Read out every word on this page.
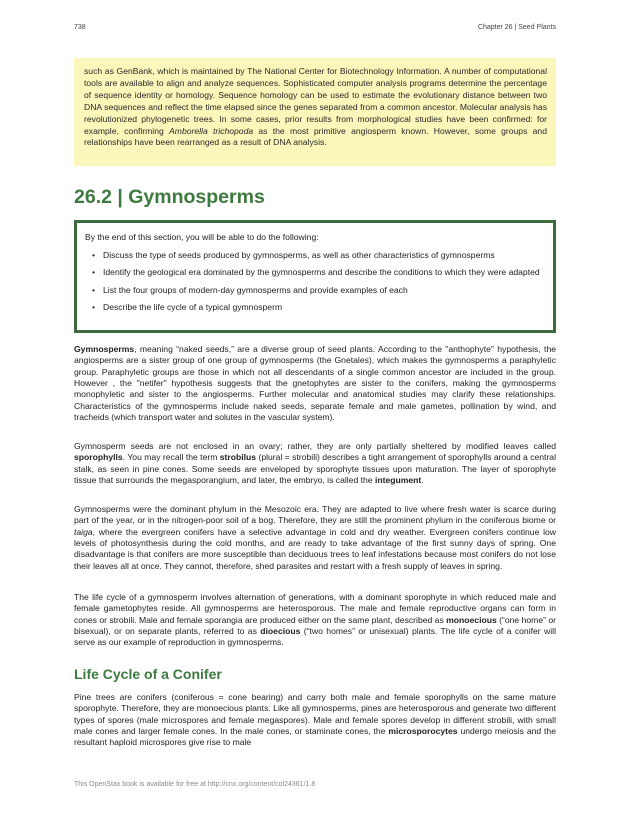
738	Chapter 26 | Seed Plants

such as GenBank, which is maintained by The National Center for Biotechnology Information. A number of computational tools are available to align and analyze sequences. Sophisticated computer analysis programs determine the percentage of sequence identity or homology. Sequence homology can be used to estimate the evolutionary distance between two DNA sequences and reflect the time elapsed since the genes separated from a common ancestor. Molecular analysis has revolutionized phylogenetic trees. In some cases, prior results from morphological studies have been confirmed: for example, confirming Amborella trichopoda as the most primitive angiosperm known. However, some groups and relationships have been rearranged as a result of DNA analysis.

26.2 | Gymnosperms

By the end of this section, you will be able to do the following:

• Discuss the type of seeds produced by gymnosperms, as well as other characteristics of gymnosperms
• Identify the geological era dominated by the gymnosperms and describe the conditions to which they were adapted
• List the four groups of modern-day gymnosperms and provide examples of each
• Describe the life cycle of a typical gymnosperm

Gymnosperms, meaning “naked seeds,” are a diverse group of seed plants. According to the "anthophyte" hypothesis, the angiosperms are a sister group of one group of gymnosperms (the Gnetales), which makes the gymnosperms a paraphyletic group. Paraphyletic groups are those in which not all descendants of a single common ancestor are included in the group. However , the "netifer" hypothesis suggests that the gnetophytes are sister to the conifers, making the gymnosperms monophyletic and sister to the angiosperms. Further molecular and anatomical studies may clarify these relationships. Characteristics of the gymnosperms include naked seeds, separate female and male gametes, pollination by wind, and tracheids (which transport water and solutes in the vascular system).

Gymnosperm seeds are not enclosed in an ovary; rather, they are only partially sheltered by modified leaves called sporophylls. You may recall the term strobilus (plural = strobili) describes a tight arrangement of sporophylls around a central stalk, as seen in pine cones. Some seeds are enveloped by sporophyte tissues upon maturation. The layer of sporophyte tissue that surrounds the megasporangium, and later, the embryo, is called the integument.

Gymnosperms were the dominant phylum in the Mesozoic era. They are adapted to live where fresh water is scarce during part of the year, or in the nitrogen-poor soil of a bog. Therefore, they are still the prominent phylum in the coniferous biome or taiga, where the evergreen conifers have a selective advantage in cold and dry weather. Evergreen conifers continue low levels of photosynthesis during the cold months, and are ready to take advantage of the first sunny days of spring. One disadvantage is that conifers are more susceptible than deciduous trees to leaf infestations because most conifers do not lose their leaves all at once. They cannot, therefore, shed parasites and restart with a fresh supply of leaves in spring.

The life cycle of a gymnosperm involves alternation of generations, with a dominant sporophyte in which reduced male and female gametophytes reside. All gymnosperms are heterosporous. The male and female reproductive organs can form in cones or strobili. Male and female sporangia are produced either on the same plant, described as monoecious (“one home” or bisexual), or on separate plants, referred to as dioecious (“two homes” or unisexual) plants. The life cycle of a conifer will serve as our example of reproduction in gymnosperms.

Life Cycle of a Conifer

Pine trees are conifers (coniferous = cone bearing) and carry both male and female sporophylls on the same mature sporophyte. Therefore, they are monoecious plants. Like all gymnosperms, pines are heterosporous and generate two different types of spores (male microspores and female megaspores). Male and female spores develop in different strobili, with small male cones and larger female cones. In the male cones, or staminate cones, the microsporocytes undergo meiosis and the resultant haploid microspores give rise to male

This OpenStax book is available for free at http://cnx.org/content/col24361/1.8
